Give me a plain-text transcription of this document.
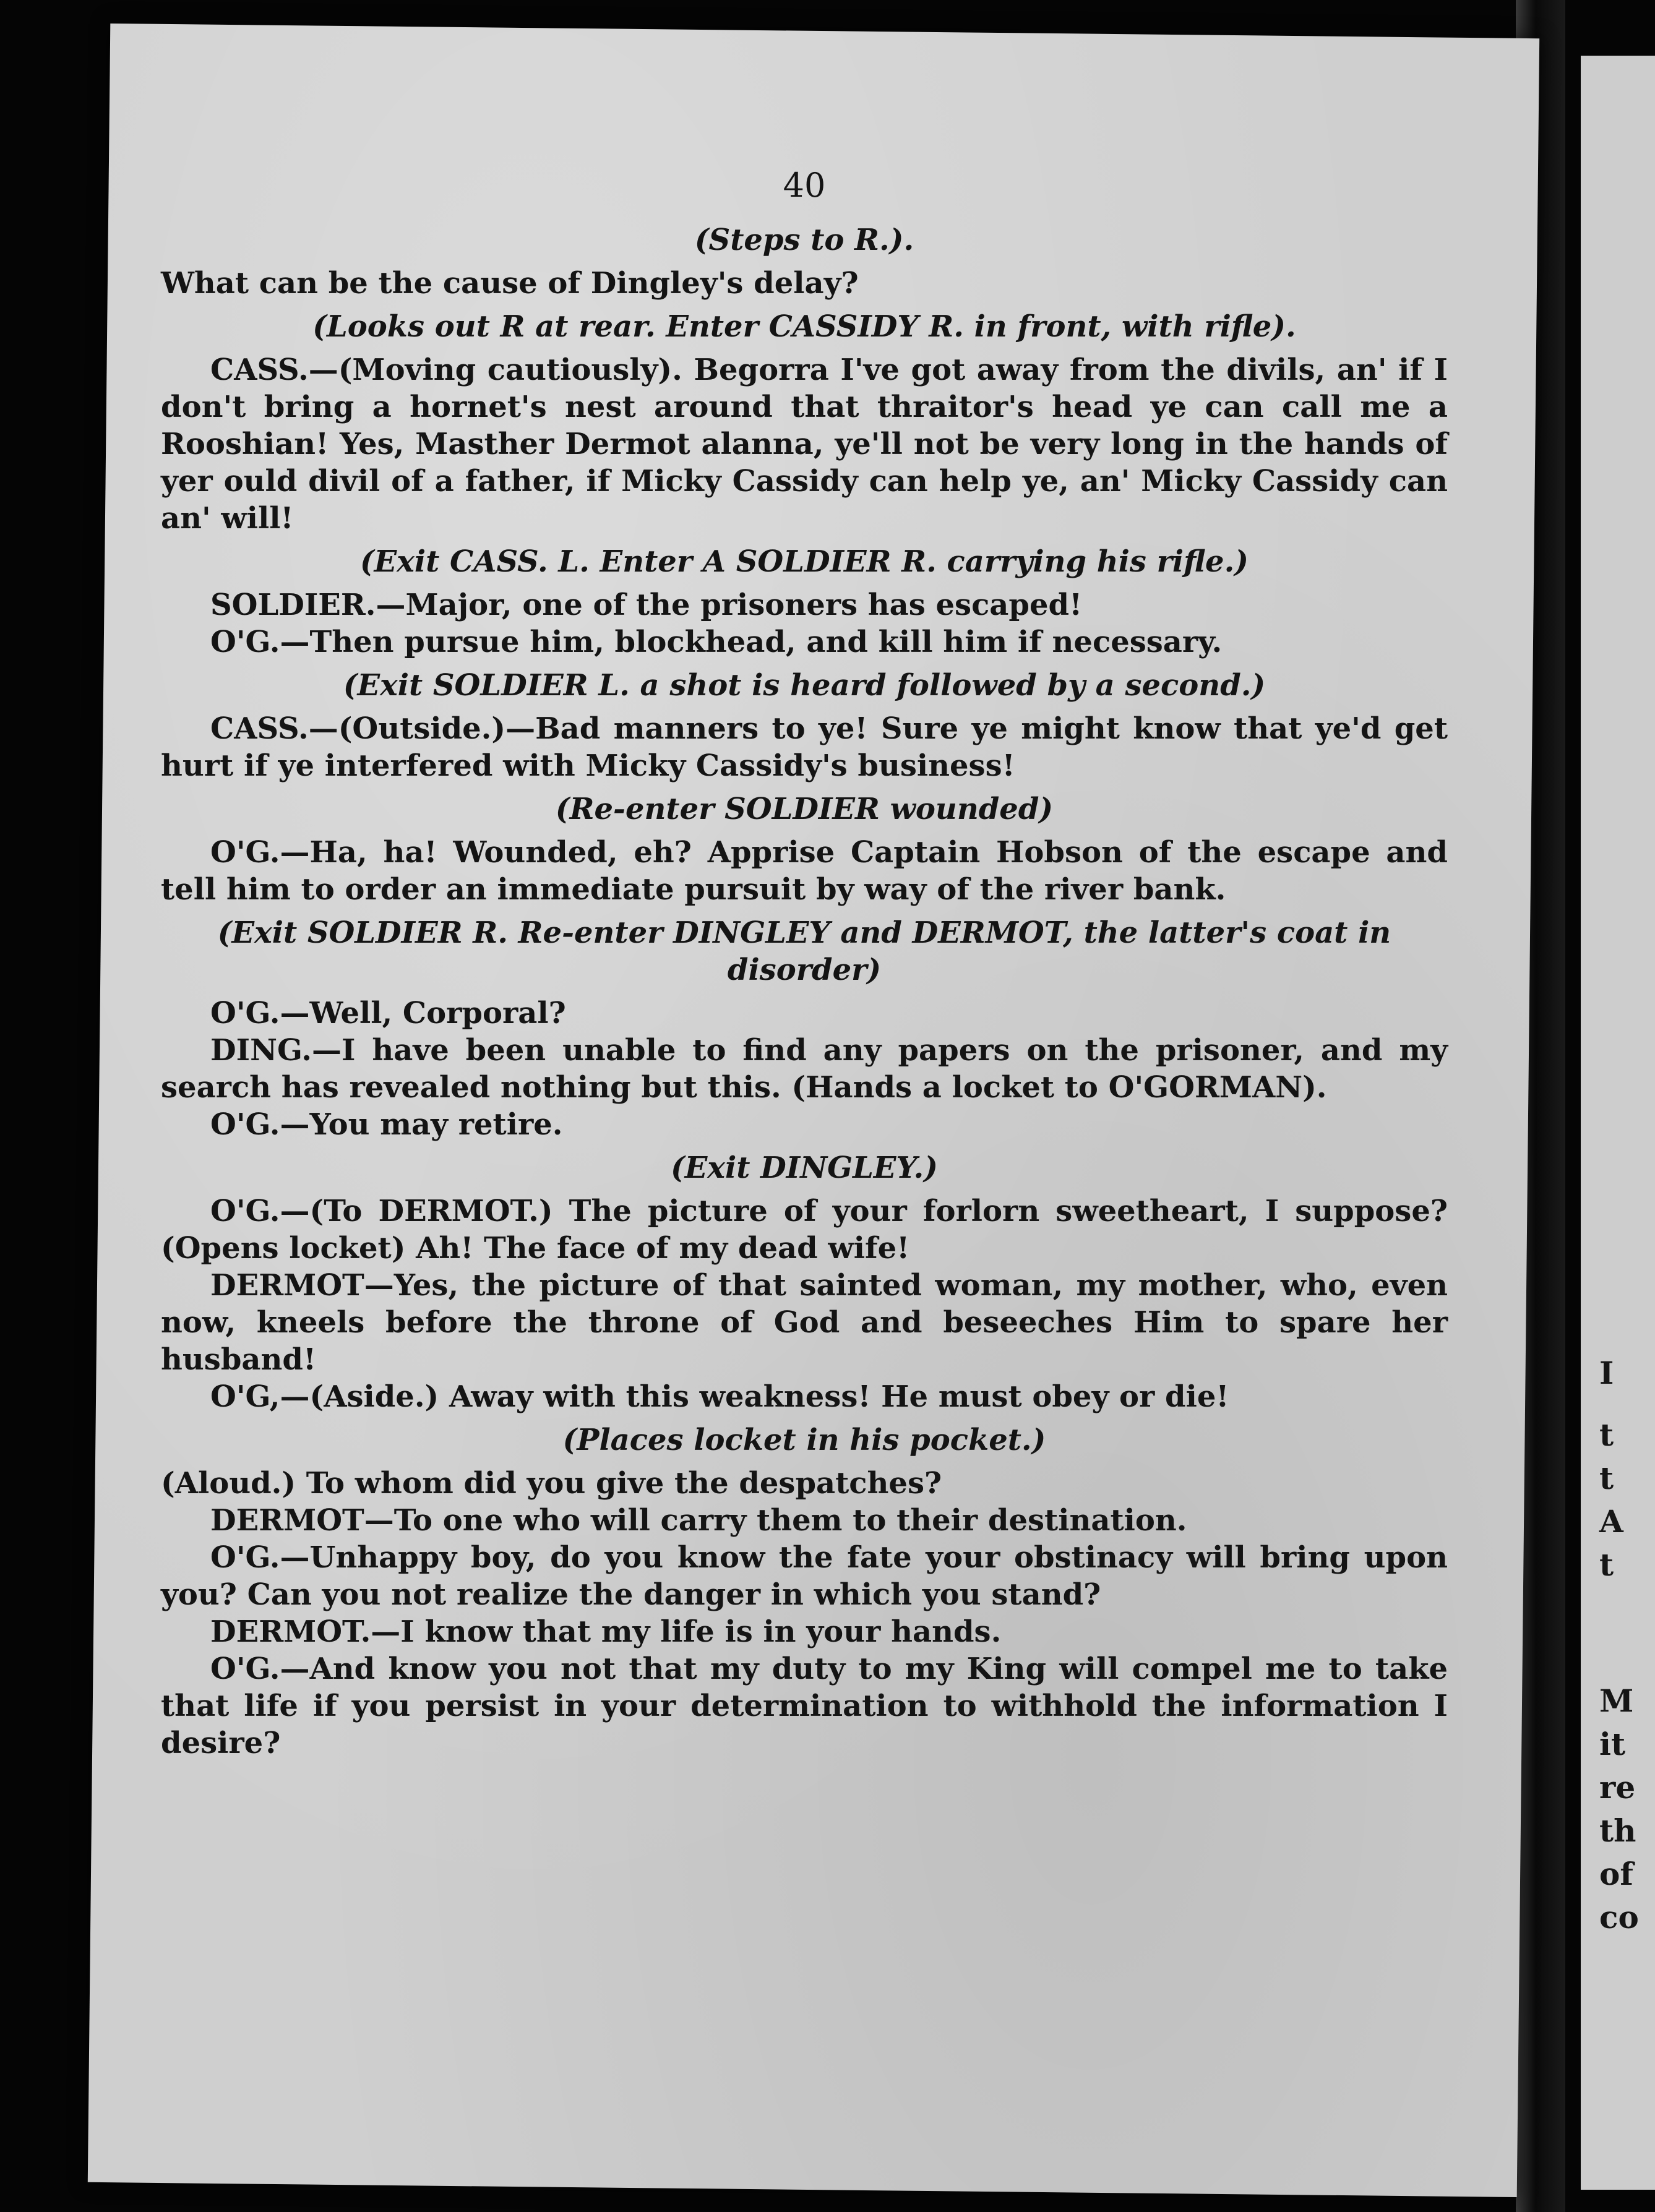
I
t
t
A
t
M
it
re
th
of
co
40
(Steps to R.).
What can be the cause of Dingley's delay?
(Looks out R at rear. Enter CASSIDY R. in front, with rifle).
CASS.—(Moving cautiously). Begorra I've got away from the divils, an' if I don't bring a hornet's nest around that thraitor's head ye can call me a Rooshian! Yes, Masther Dermot alanna, ye'll not be very long in the hands of yer ould divil of a father, if Micky Cassidy can help ye, an' Micky Cassidy can an' will!
(Exit CASS. L. Enter A SOLDIER R. carrying his rifle.)
SOLDIER.—Major, one of the prisoners has escaped!
O'G.—Then pursue him, blockhead, and kill him if necessary.
(Exit SOLDIER L. a shot is heard followed by a second.)
CASS.—(Outside.)—Bad manners to ye! Sure ye might know that ye'd get hurt if ye interfered with Micky Cassidy's business!
(Re-enter SOLDIER wounded)
O'G.—Ha, ha! Wounded, eh? Apprise Captain Hobson of the escape and tell him to order an immediate pursuit by way of the river bank.
(Exit SOLDIER R. Re-enter DINGLEY and DERMOT, the latter's coat in disorder)
O'G.—Well, Corporal?
DING.—I have been unable to find any papers on the prisoner, and my search has revealed nothing but this. (Hands a locket to O'GORMAN).
O'G.—You may retire.
(Exit DINGLEY.)
O'G.—(To DERMOT.) The picture of your forlorn sweetheart, I suppose? (Opens locket) Ah! The face of my dead wife!
DERMOT—Yes, the picture of that sainted woman, my mother, who, even now, kneels before the throne of God and beseeches Him to spare her husband!
O'G,—(Aside.) Away with this weakness! He must obey or die!
(Places locket in his pocket.)
(Aloud.) To whom did you give the despatches?
DERMOT—To one who will carry them to their destination.
O'G.—Unhappy boy, do you know the fate your obstinacy will bring upon you? Can you not realize the danger in which you stand?
DERMOT.—I know that my life is in your hands.
O'G.—And know you not that my duty to my King will compel me to take that life if you persist in your determination to withhold the information I desire?
